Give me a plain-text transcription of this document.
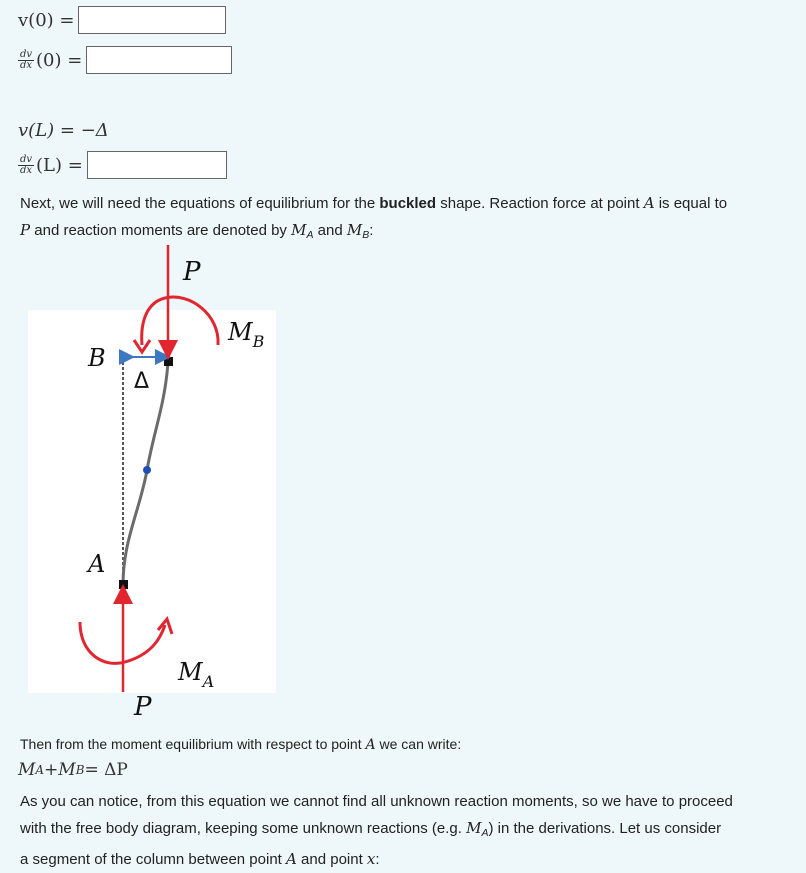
v(0) =
$\frac{dv}{dx} (0)$ =
v(L) = −Δ
$\frac{dv}{dx} (L)$ =
Next, we will need the equations of equilibrium for the buckled shape. Reaction force at point A is equal to
P and reaction moments are denoted by $M_A$ and $M_B$:
P
$M_B$
B
Δ
A
$M_A$
P
Then from the moment equilibrium with respect to point A we can write:
M A + M B = ΔP
As you can notice, from this equation we cannot find all unknown reaction moments, so we have to proceed
with the free body diagram, keeping some unknown reactions (e.g. $M_A$) in the derivations. Let us consider
a segment of the column between point A and point x:
